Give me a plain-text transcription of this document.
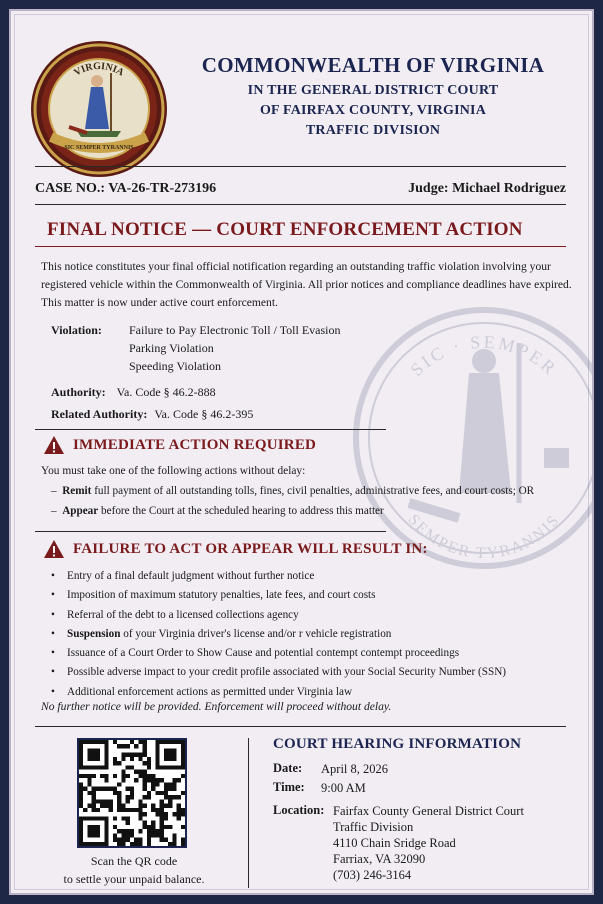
VIRGINIA
SIC SEMPER TYRANNIS
SIC · SEMPER
SEMPER TYRANNIS
COMMONWEALTH OF VIRGINIA
IN THE GENERAL DISTRICT COURT
OF FAIRFAX COUNTY, VIRGINIA
TRAFFIC DIVISION
CASE NO.: VA-26-TR-273196	Judge: Michael Rodriguez
FINAL NOTICE — COURT ENFORCEMENT ACTION
This notice constitutes your final official notification regarding an outstanding traffic violation involving your registered vehicle within the Commonwealth of Virginia. All prior notices and compliance deadlines have expired. This matter is now under active court enforcement.
Violation: Failure to Pay Electronic Toll / Toll Evasion
Parking Violation
Speeding Violation
Authority: Va. Code § 46.2-888
Related Authority: Va. Code § 46.2-395
IMMEDIATE ACTION REQUIRED
You must take one of the following actions without delay:
–  Remit full payment of all outstanding tolls, fines, civil penalties, administrative fees, and court costs; OR
–  Appear before the Court at the scheduled hearing to address this matter
FAILURE TO ACT OR APPEAR WILL RESULT IN:
• Entry of a final default judgment without further notice
• Imposition of maximum statutory penalties, late fees, and court costs
• Referral of the debt to a licensed collections agency
• Suspension of your Virginia driver's license and/or r vehicle registration
• Issuance of a Court Order to Show Cause and potential contempt contempt proceedings
• Possible adverse impact to your credit profile associated with your Social Security Number (SSN)
• Additional enforcement actions as permitted under Virginia law
No further notice will be provided. Enforcement will proceed without delay.
Scan the QR code
to settle your unpaid balance.
COURT HEARING INFORMATION
Date: April 8, 2026
Time: 9:00 AM
Location: Fairfax County General District Court
Traffic Division
4110 Chain Sridge Road
Farriax, VA 32090
(703) 246-3164
